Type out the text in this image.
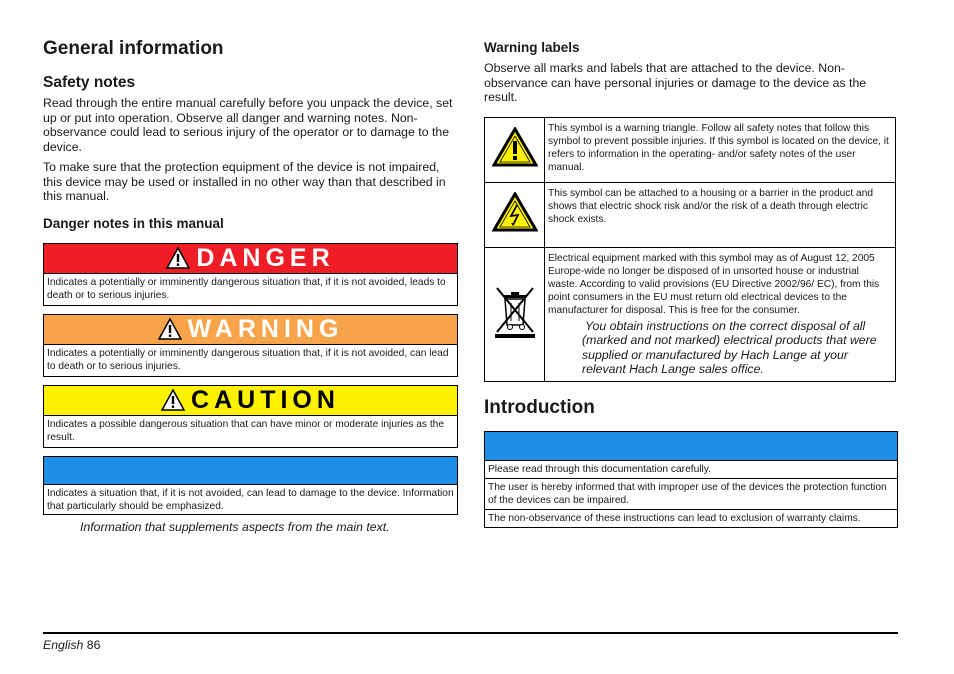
General information
Safety notes

Read through the entire manual carefully before you unpack the device, set up or put into operation. Observe all danger and warning notes. Non-observance could lead to serious injury of the operator or to damage to the device.

To make sure that the protection equipment of the device is not impaired, this device may be used or installed in no other way than that described in this manual.

Danger notes in this manual
DANGER
Indicates a potentially or imminently dangerous situation that, if it is not avoided, leads to death or to serious injuries.
WARNING
Indicates a potentially or imminently dangerous situation that, if it is not avoided, can lead to death or to serious injuries.
CAUTION
Indicates a possible dangerous situation that can have minor or moderate injuries as the result.
Indicates a situation that, if it is not avoided, can lead to damage to the device. Information that particularly should be emphasized.
Information that supplements aspects from the main text.
Warning labels

Observe all marks and labels that are attached to the device. Non-observance can have personal injuries or damage to the device as the result.

	This symbol is a warning triangle. Follow all safety notes that follow this symbol to prevent possible injuries. If this symbol is located on the device, it refers to information in the operating- and/or safety notes of the user manual.
	This symbol can be attached to a housing or a barrier in the product and shows that electric shock risk and/or the risk of a death through electric shock exists.

Electrical equipment marked with this symbol may as of August 12, 2005 Europe-wide no longer be disposed of in unsorted house or industrial waste. According to valid provisions (EU Directive 2002/96/ EC), from this point consumers in the EU must return old electrical devices to the manufacturer for disposal. This is free for the consumer.
You obtain instructions on the correct disposal of all (marked and not marked) electrical products that were supplied or manufactured by Hach Lange at your relevant Hach Lange sales office.
Introduction
Please read through this documentation carefully.
The user is hereby informed that with improper use of the devices the protection function of the devices can be impaired.
The non-observance of these instructions can lead to exclusion of warranty claims.
English 86
